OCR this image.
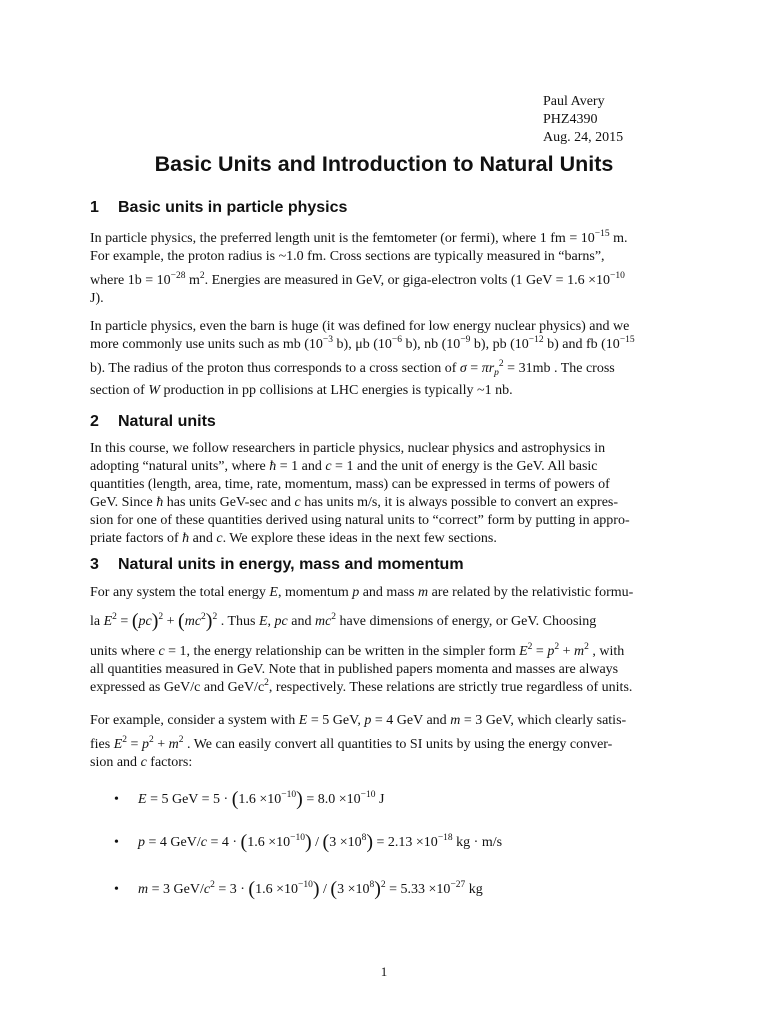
Paul Avery
PHZ4390
Aug. 24, 2015
Basic Units and Introduction to Natural Units
1 Basic units in particle physics
In particle physics, the preferred length unit is the femtometer (or fermi), where 1 fm = $10^{-15}$ m.
For example, the proton radius is ~1.0 fm. Cross sections are typically measured in “barns”,
where $1b = 10^{-28}$ $m^2$. Energies are measured in GeV, or giga-electron volts (1 GeV = $1.6 \times 10^{-10}$
J).
In particle physics, even the barn is huge (it was defined for low energy nuclear physics) and we
more commonly use units such as mb ($10^{-3}$ b), μb ($10^{-6}$ b), nb ($10^{-9}$ b), pb ($10^{-12}$ b) and fb ($10^{-15}$
b). The radius of the proton thus corresponds to a cross section of $\sigma = \pi r_p^2 = 31mb$ . The cross
section of W production in pp collisions at LHC energies is typically ~1 nb.
2 Natural units
In this course, we follow researchers in particle physics, nuclear physics and astrophysics in
adopting “natural units”, where ħ = 1 and c = 1 and the unit of energy is the GeV. All basic
quantities (length, area, time, rate, momentum, mass) can be expressed in terms of powers of
GeV. Since ħ has units GeV-sec and c has units m/s, it is always possible to convert an expres-
sion for one of these quantities derived using natural units to “correct” form by putting in appro-
priate factors of ħ and c. We explore these ideas in the next few sections.
3 Natural units in energy, mass and momentum
For any system the total energy E, momentum p and mass m are related by the relativistic formu-
la $E^2 = (pc)^2 + (mc^2)^2$ . Thus E, pc and $mc^2$ have dimensions of energy, or GeV. Choosing
units where c = 1, the energy relationship can be written in the simpler form $E^2 = p^2 + m^2$ , with
all quantities measured in GeV. Note that in published papers momenta and masses are always
expressed as GeV/c and GeV/$c^2$, respectively. These relations are strictly true regardless of units.
For example, consider a system with E = 5 GeV, p = 4 GeV and m = 3 GeV, which clearly satis-
fies $E^2 = p^2 + m^2$ . We can easily convert all quantities to SI units by using the energy conver-
sion and c factors:
• E = 5 GeV = $5 \cdot (1.6 \times 10^{-10}) = 8.0 \times 10^{-10}$ J
• p = 4 $GeV/c = 4 \cdot (1.6 \times 10^{-10}) / (3 \times 10^8) = 2.13 \times 10^{-18}$ kg · m/s
• m = 3 GeV/$c^2 = 3 \cdot (1.6 \times 10^{-10}) / (3 \times 10^8)^2 = 5.33 \times 10^{-27}$ kg
1
